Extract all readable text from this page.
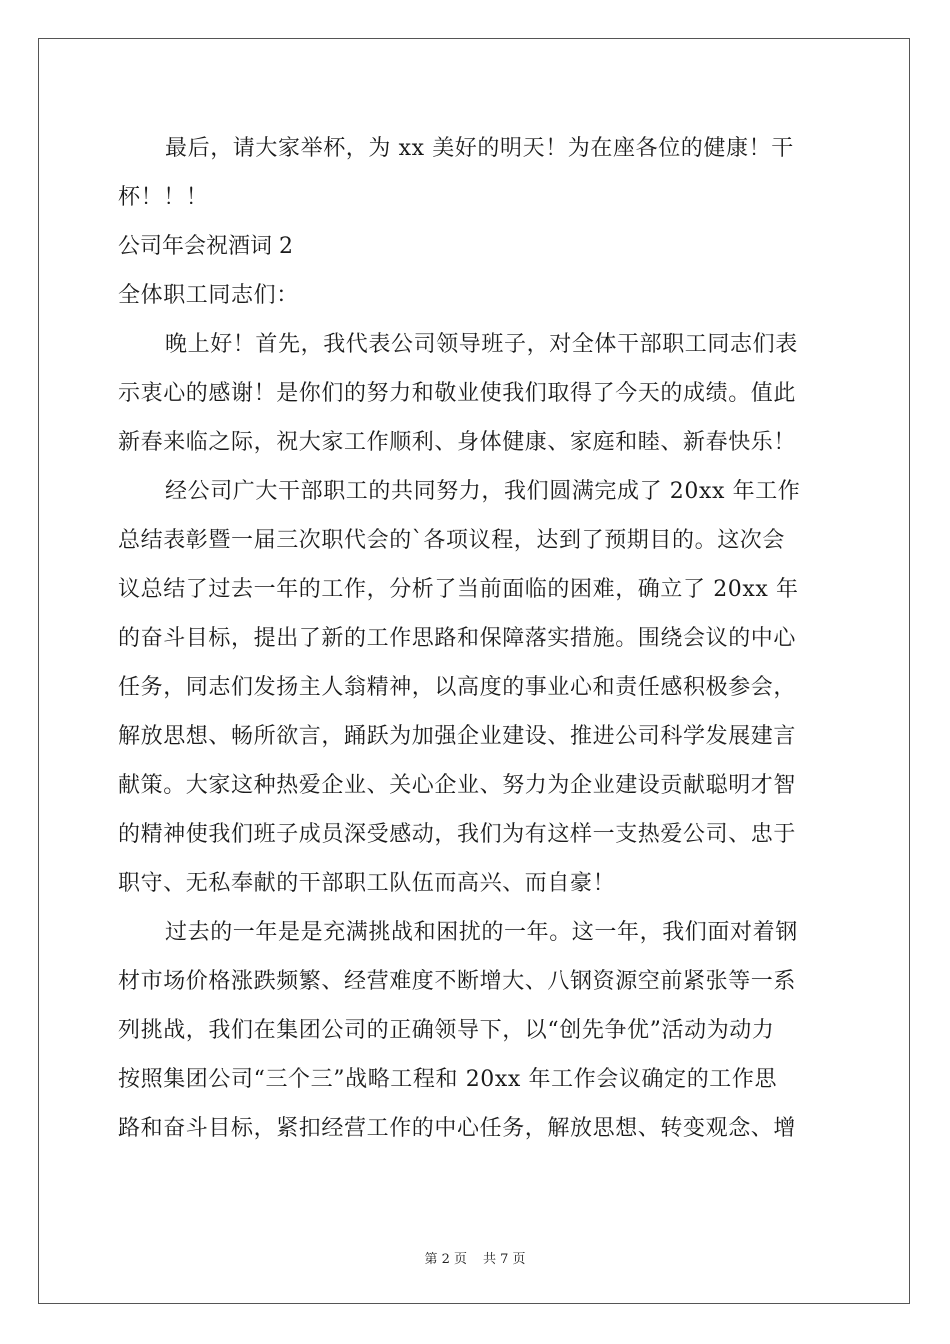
最后，请大家举杯，为 xx 美好的明天！为在座各位的健康！干
杯！！！
公司年会祝酒词 2
全体职工同志们：
晚上好！首先，我代表公司领导班子，对全体干部职工同志们表
示衷心的感谢！是你们的努力和敬业使我们取得了今天的成绩。值此
新春来临之际，祝大家工作顺利、身体健康、家庭和睦、新春快乐！
经公司广大干部职工的共同努力，我们圆满完成了 20xx 年工作
总结表彰暨一届三次职代会的`各项议程，达到了预期目的。这次会
议总结了过去一年的工作，分析了当前面临的困难，确立了 20xx 年
的奋斗目标，提出了新的工作思路和保障落实措施。围绕会议的中心
任务，同志们发扬主人翁精神，以高度的事业心和责任感积极参会，
解放思想、畅所欲言，踊跃为加强企业建设、推进公司科学发展建言
献策。大家这种热爱企业、关心企业、努力为企业建设贡献聪明才智
的精神使我们班子成员深受感动，我们为有这样一支热爱公司、忠于
职守、无私奉献的干部职工队伍而高兴、而自豪！
过去的一年是是充满挑战和困扰的一年。这一年，我们面对着钢
材市场价格涨跌频繁、经营难度不断增大、八钢资源空前紧张等一系
列挑战，我们在集团公司的正确领导下，以“创先争优”活动为动力
按照集团公司“三个三”战略工程和 20xx 年工作会议确定的工作思
路和奋斗目标，紧扣经营工作的中心任务，解放思想、转变观念、增
第 2 页 共 7 页
